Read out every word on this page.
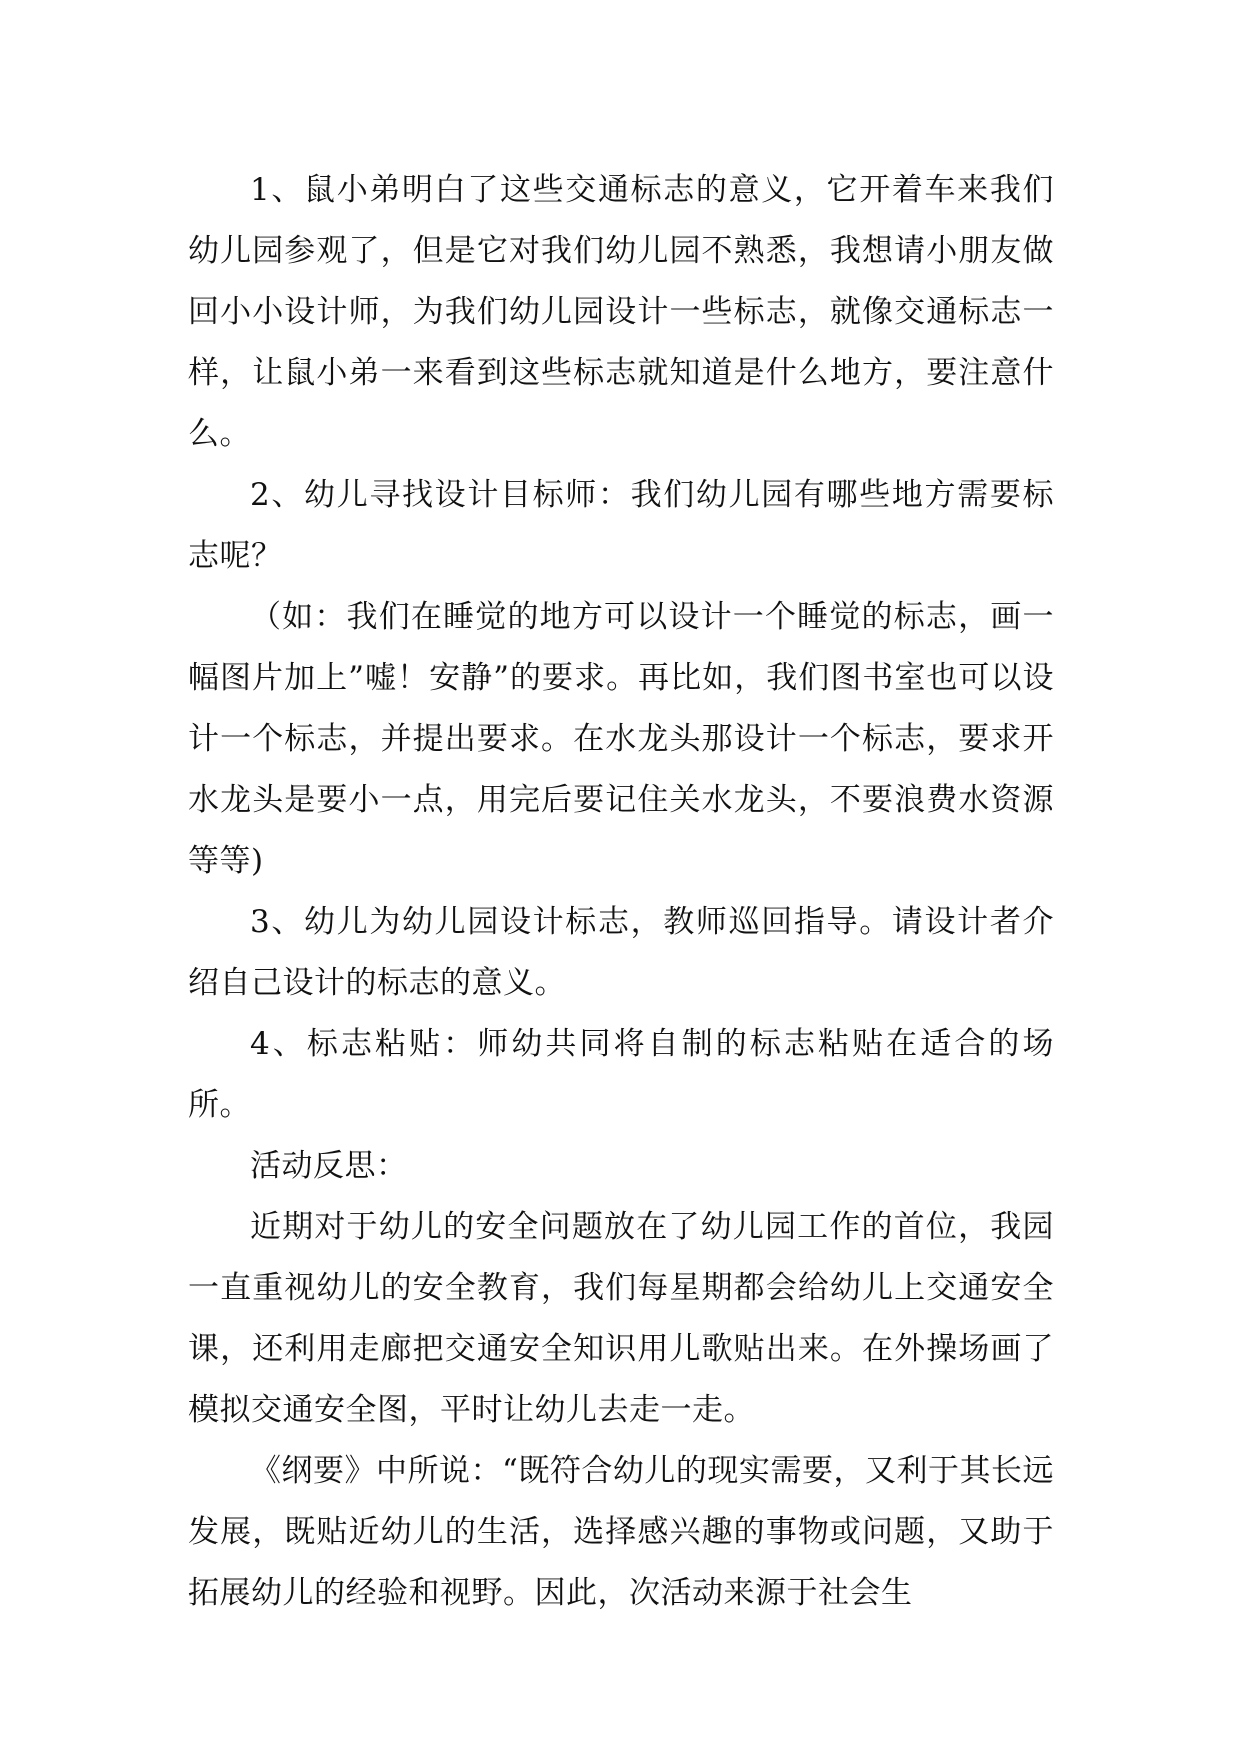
1、鼠小弟明白了这些交通标志的意义，它开着车来我们幼儿园参观了，但是它对我们幼儿园不熟悉，我想请小朋友做回小小设计师，为我们幼儿园设计一些标志，就像交通标志一样，让鼠小弟一来看到这些标志就知道是什么地方，要注意什么。

2、幼儿寻找设计目标师：我们幼儿园有哪些地方需要标志呢？

（如：我们在睡觉的地方可以设计一个睡觉的标志，画一幅图片加上”嘘！安静”的要求。再比如，我们图书室也可以设计一个标志，并提出要求。在水龙头那设计一个标志，要求开水龙头是要小一点，用完后要记住关水龙头，不要浪费水资源等等)

3、幼儿为幼儿园设计标志，教师巡回指导。请设计者介绍自己设计的标志的意义。

4、标志粘贴：师幼共同将自制的标志粘贴在适合的场所。

活动反思：

近期对于幼儿的安全问题放在了幼儿园工作的首位，我园一直重视幼儿的安全教育，我们每星期都会给幼儿上交通安全课，还利用走廊把交通安全知识用儿歌贴出来。在外操场画了模拟交通安全图，平时让幼儿去走一走。

《纲要》中所说：“既符合幼儿的现实需要，又利于其长远发展，既贴近幼儿的生活，选择感兴趣的事物或问题，又助于拓展幼儿的经验和视野。因此，次活动来源于社会生
